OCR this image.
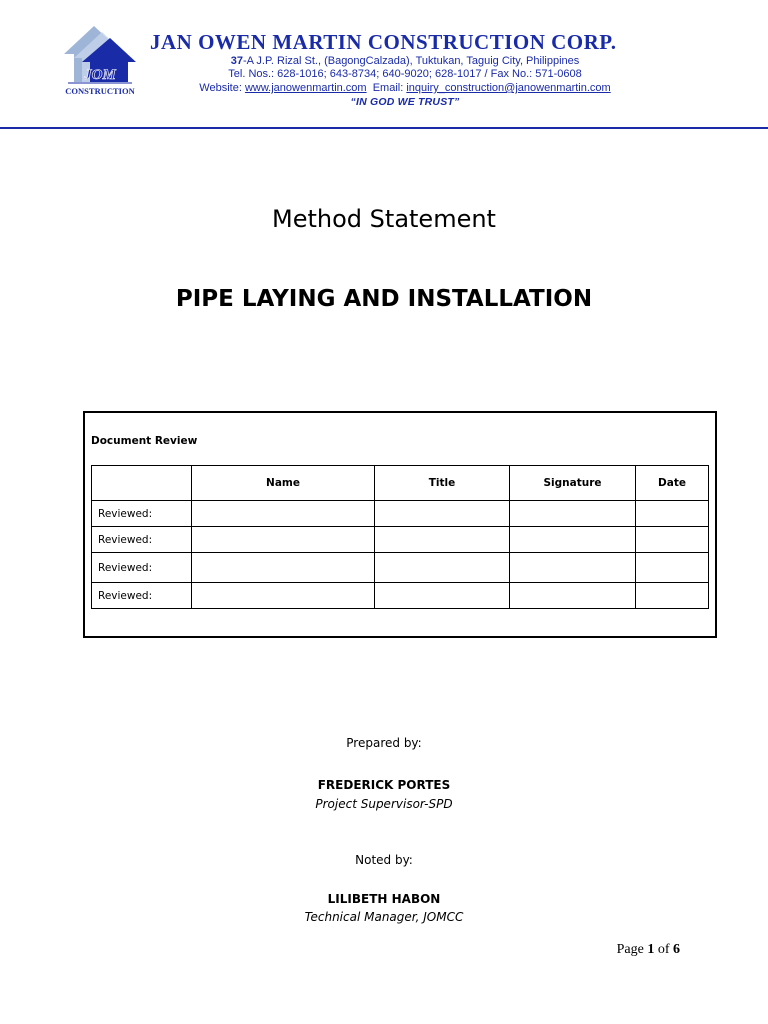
JOM
CONSTRUCTION
JAN OWEN MARTIN CONSTRUCTION CORP.
37-A J.P. Rizal St., (BagongCalzada), Tuktukan, Taguig City, Philippines
Tel. Nos.: 628-1016; 643-8734; 640-9020; 628-1017 / Fax No.: 571-0608
Website: www.janowenmartin.com  Email: inquiry_construction@janowenmartin.com
“IN GOD WE TRUST”
Method Statement
PIPE LAYING AND INSTALLATION
Document Review
	Name	Title	Signature	Date
Reviewed:				
Reviewed:				
Reviewed:				
Reviewed:				
Prepared by:
FREDERICK PORTES
Project Supervisor-SPD
Noted by:
LILIBETH HABON
Technical Manager, JOMCC
Page 1 of 6
